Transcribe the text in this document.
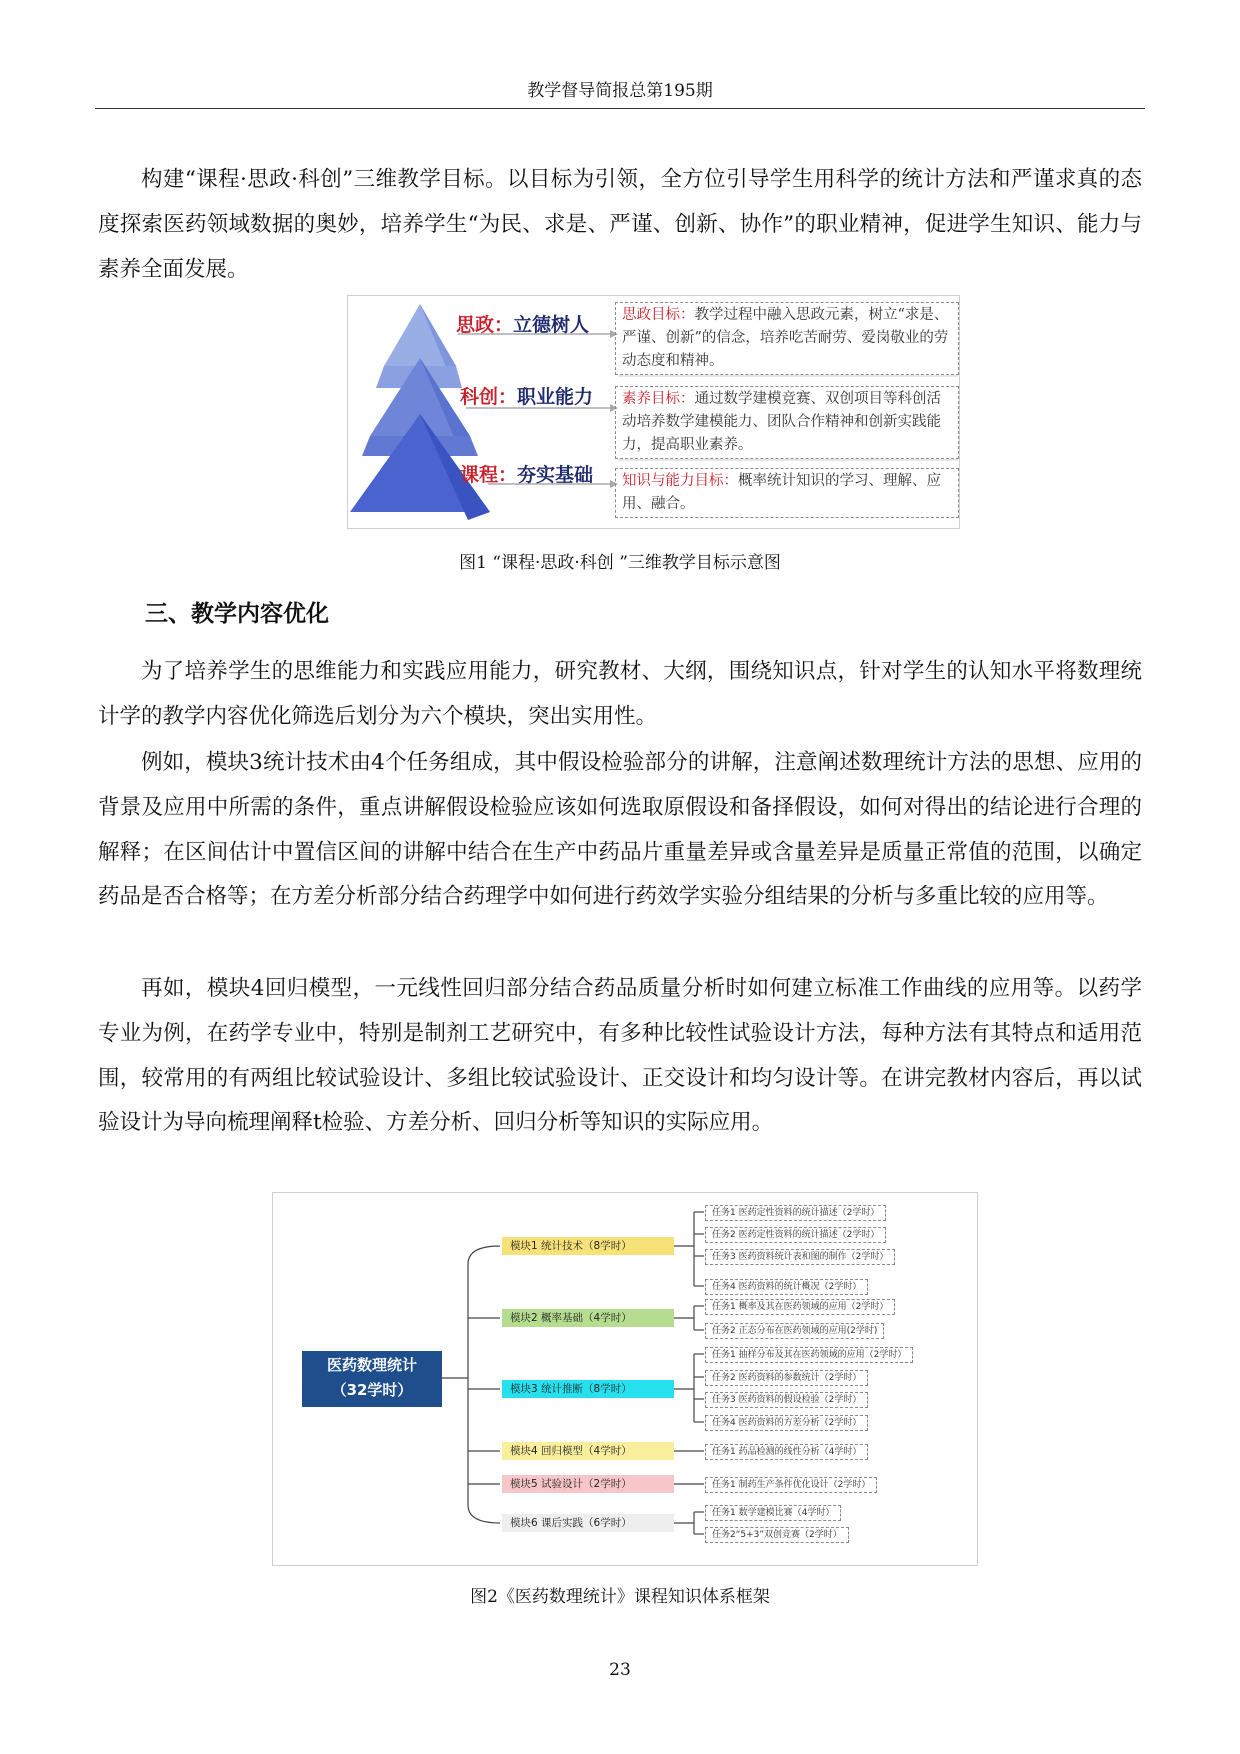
教学督导简报总第195期

构建“课程·思政·科创”三维教学目标。以目标为引领，全方位引导学生用科学的统计方法和严谨求真的态度探索医药领域数据的奥妙，培养学生“为民、求是、严谨、创新、协作”的职业精神，促进学生知识、能力与素养全面发展。

思政：立德树人
科创：职业能力
课程：夯实基础
思政目标：教学过程中融入思政元素，树立“求是、严谨、创新”的信念，培养吃苦耐劳、爱岗敬业的劳动态度和精神。
素养目标：通过数学建模竞赛、双创项目等科创活动培养数学建模能力、团队合作精神和创新实践能力，提高职业素养。
知识与能力目标：概率统计知识的学习、理解、应用、融合。
图1 “课程·思政·科创 ”三维教学目标示意图
三、教学内容优化

为了培养学生的思维能力和实践应用能力，研究教材、大纲，围绕知识点，针对学生的认知水平将数理统计学的教学内容优化筛选后划分为六个模块，突出实用性。

例如，模块3统计技术由4个任务组成，其中假设检验部分的讲解，注意阐述数理统计方法的思想、应用的背景及应用中所需的条件，重点讲解假设检验应该如何选取原假设和备择假设，如何对得出的结论进行合理的解释；在区间估计中置信区间的讲解中结合在生产中药品片重量差异或含量差异是质量正常值的范围，以确定药品是否合格等；在方差分析部分结合药理学中如何进行药效学实验分组结果的分析与多重比较的应用等。

再如，模块4回归模型，一元线性回归部分结合药品质量分析时如何建立标准工作曲线的应用等。以药学专业为例，在药学专业中，特别是制剂工艺研究中，有多种比较性试验设计方法，每种方法有其特点和适用范围，较常用的有两组比较试验设计、多组比较试验设计、正交设计和均匀设计等。在讲完教材内容后，再以试验设计为导向梳理阐释t检验、方差分析、回归分析等知识的实际应用。

医药数理统计
（32学时）
模块1 统计技术（8学时）
模块2 概率基础（4学时）
模块3 统计推断（8学时）
模块4 回归模型（4学时）
模块5 试验设计（2学时）
模块6 课后实践（6学时）
任务1 医药定性资料的统计描述（2学时）
任务2 医药定性资料的统计描述（2学时）
任务3 医药资料统计表和图的制作（2学时）
任务4 医药资料的统计概况（2学时）
任务1 概率及其在医药领域的应用（2学时）
任务2 正态分布在医药领域的应用(2学时)
任务1 抽样分布及其在医药领域的应用（2学时）
任务2 医药资料的参数统计（2学时）
任务3 医药资料的假设检验（2学时）
任务4 医药资料的方差分析（2学时）
任务1 药品检测的线性分析（4学时）
任务1 制药生产条件优化设计（2学时）
任务1 数学建模比赛（4学时）
任务2“5+3”双创竞赛（2学时）
图2《医药数理统计》课程知识体系框架
23
